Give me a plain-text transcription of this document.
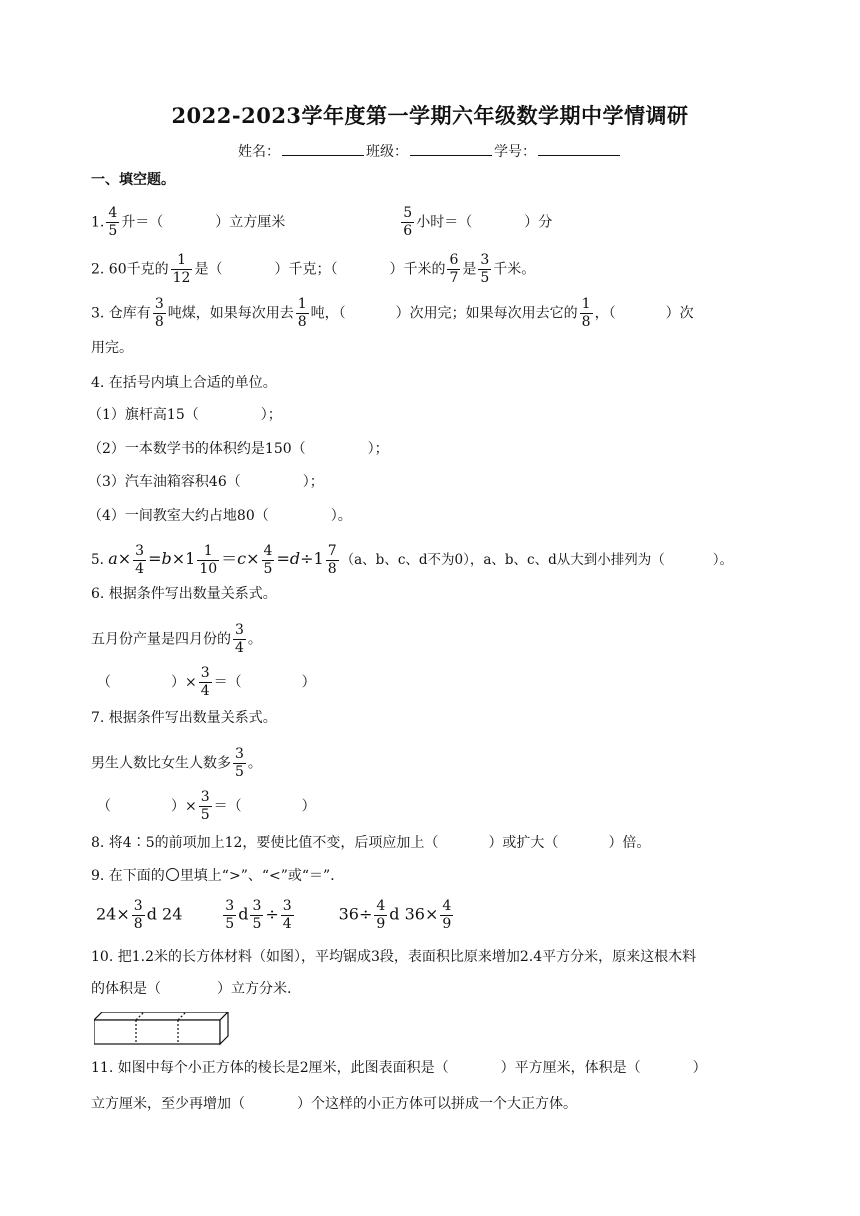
2022-2023学年度第一学期六年级数学期中学情调研
姓名：	班级：	学号：
一、填空题。
1. $\frac{4}{5}$ 升＝（	）立方厘米	$\frac{5}{6}$ 小时＝（	）分
2. 60千克的 $\frac{1}{12}$ 是（	）千克；（	）千米的 $\frac{6}{7}$ 是 $\frac{3}{5}$ 千米。
3. 仓库有 $\frac{3}{8}$ 吨煤，如果每次用去 $\frac{1}{8}$ 吨，（	）次用完；如果每次用去它的 $\frac{1}{8}$ ，（	）次
用完。
4. 在括号内填上合适的单位。
（1）旗杆高15（	）；
（2）一本数学书的体积约是150（	）；
（3）汽车油箱容积46（	）；
（4）一间教室大约占地80（	）。
5. $a\times \frac{3}{4} =b\times 1 \frac{1}{10} =c\times \frac{4}{5} =d\div 1 \frac{7}{8} (a$、b、c、d不为0），a、b、c、d从大到小排列为（	）。
6. 根据条件写出数量关系式。
五月份产量是四月份的 $\frac{3}{4}$ 。
（	）× $\frac{3}{4}$ ＝（	）
7. 根据条件写出数量关系式。
男生人数比女生人数多 $\frac{3}{5}$ 。
（	）× $\frac{3}{5}$ ＝（	）
8. 将4∶5的前项加上12，要使比值不变，后项应加上（	）或扩大（	）倍。
9. 在下面的 里填上“>”、“<”或“＝”．
$24\times \frac{3}{8}$ d 24	$\frac{3}{5}$ d $\frac{3}{5} \div \frac{3}{4}$	$36\div \frac{4}{9}$ d $36\times \frac{4}{9}$
10. 把1.2米的长方体材料（如图），平均锯成3段，表面积比原来增加2.4平方分米，原来这根木料
的体积是（	）立方分米.
11. 如图中每个小正方体的棱长是2厘米，此图表面积是（	）平方厘米，体积是（	）
立方厘米，至少再增加（	）个这样的小正方体可以拼成一个大正方体。
